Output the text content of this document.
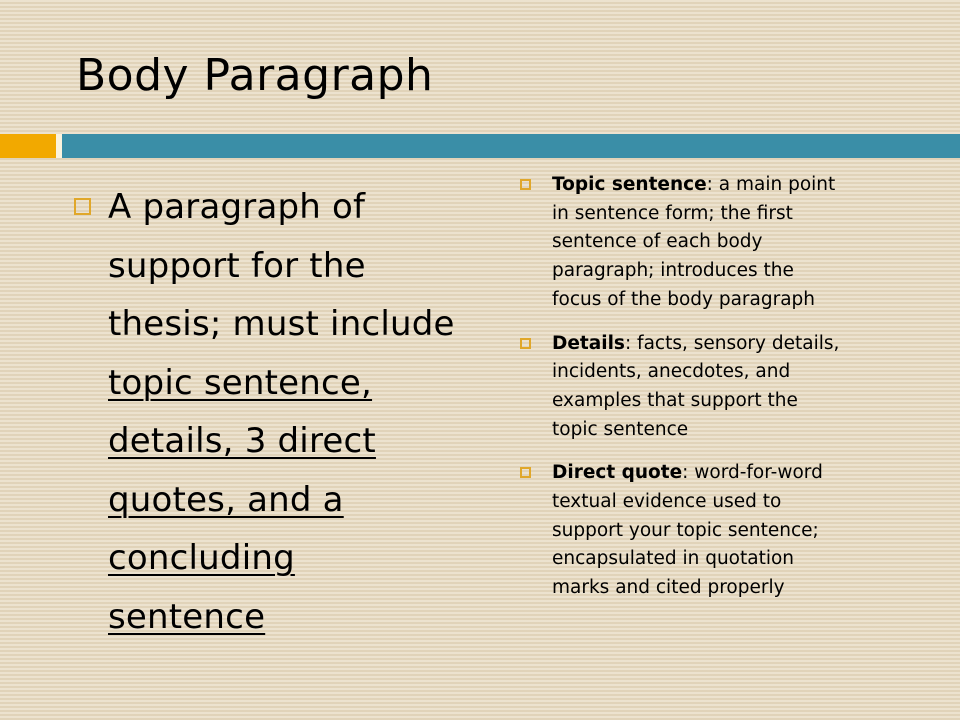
Body Paragraph
A paragraph of
support for the
thesis; must include
topic sentence,
details, 3 direct
quotes, and a
concluding
sentence
Topic sentence: a main point
in sentence form; the first
sentence of each body
paragraph; introduces the
focus of the body paragraph
Details: facts, sensory details,
incidents, anecdotes, and
examples that support the
topic sentence
Direct quote: word-for-word
textual evidence used to
support your topic sentence;
encapsulated in quotation
marks and cited properly
